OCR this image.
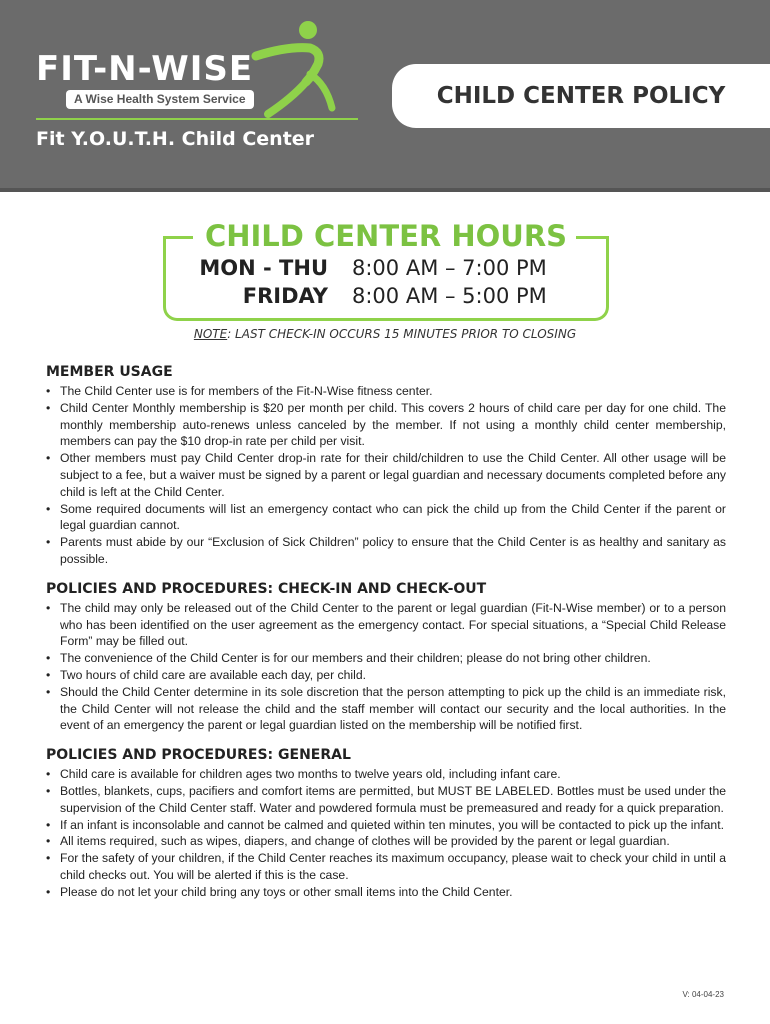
FIT-N-WISE
A Wise Health System Service
Fit Y.O.U.T.H. Child Center
CHILD CENTER POLICY
CHILD CENTER HOURS
MON - THU 8:00 AM – 7:00 PM
FRIDAY 8:00 AM – 5:00 PM
NOTE: LAST CHECK-IN OCCURS 15 MINUTES PRIOR TO CLOSING
MEMBER USAGE
• The Child Center use is for members of the Fit-N-Wise fitness center.
• Child Center Monthly membership is $20 per month per child. This covers 2 hours of child care per day for one child. The monthly membership auto-renews unless canceled by the member. If not using a monthly child center membership, members can pay the $10 drop-in rate per child per visit.
• Other members must pay Child Center drop-in rate for their child/children to use the Child Center. All other usage will be subject to a fee, but a waiver must be signed by a parent or legal guardian and necessary documents completed before any child is left at the Child Center.
• Some required documents will list an emergency contact who can pick the child up from the Child Center if the parent or legal guardian cannot.
• Parents must abide by our “Exclusion of Sick Children” policy to ensure that the Child Center is as healthy and sanitary as possible.
POLICIES AND PROCEDURES: CHECK-IN AND CHECK-OUT
• The child may only be released out of the Child Center to the parent or legal guardian (Fit-N-Wise member) or to a person who has been identified on the user agreement as the emergency contact. For special situations, a “Special Child Release Form” may be filled out.
• The convenience of the Child Center is for our members and their children; please do not bring other children.
• Two hours of child care are available each day, per child.
• Should the Child Center determine in its sole discretion that the person attempting to pick up the child is an immediate risk, the Child Center will not release the child and the staff member will contact our security and the local authorities. In the event of an emergency the parent or legal guardian listed on the membership will be notified first.
POLICIES AND PROCEDURES: GENERAL
• Child care is available for children ages two months to twelve years old, including infant care.
• Bottles, blankets, cups, pacifiers and comfort items are permitted, but MUST BE LABELED. Bottles must be used under the supervision of the Child Center staff. Water and powdered formula must be premeasured and ready for a quick preparation.
• If an infant is inconsolable and cannot be calmed and quieted within ten minutes, you will be contacted to pick up the infant.
• All items required, such as wipes, diapers, and change of clothes will be provided by the parent or legal guardian.
• For the safety of your children, if the Child Center reaches its maximum occupancy, please wait to check your child in until a child checks out. You will be alerted if this is the case.
• Please do not let your child bring any toys or other small items into the Child Center.
V: 04-04-23
